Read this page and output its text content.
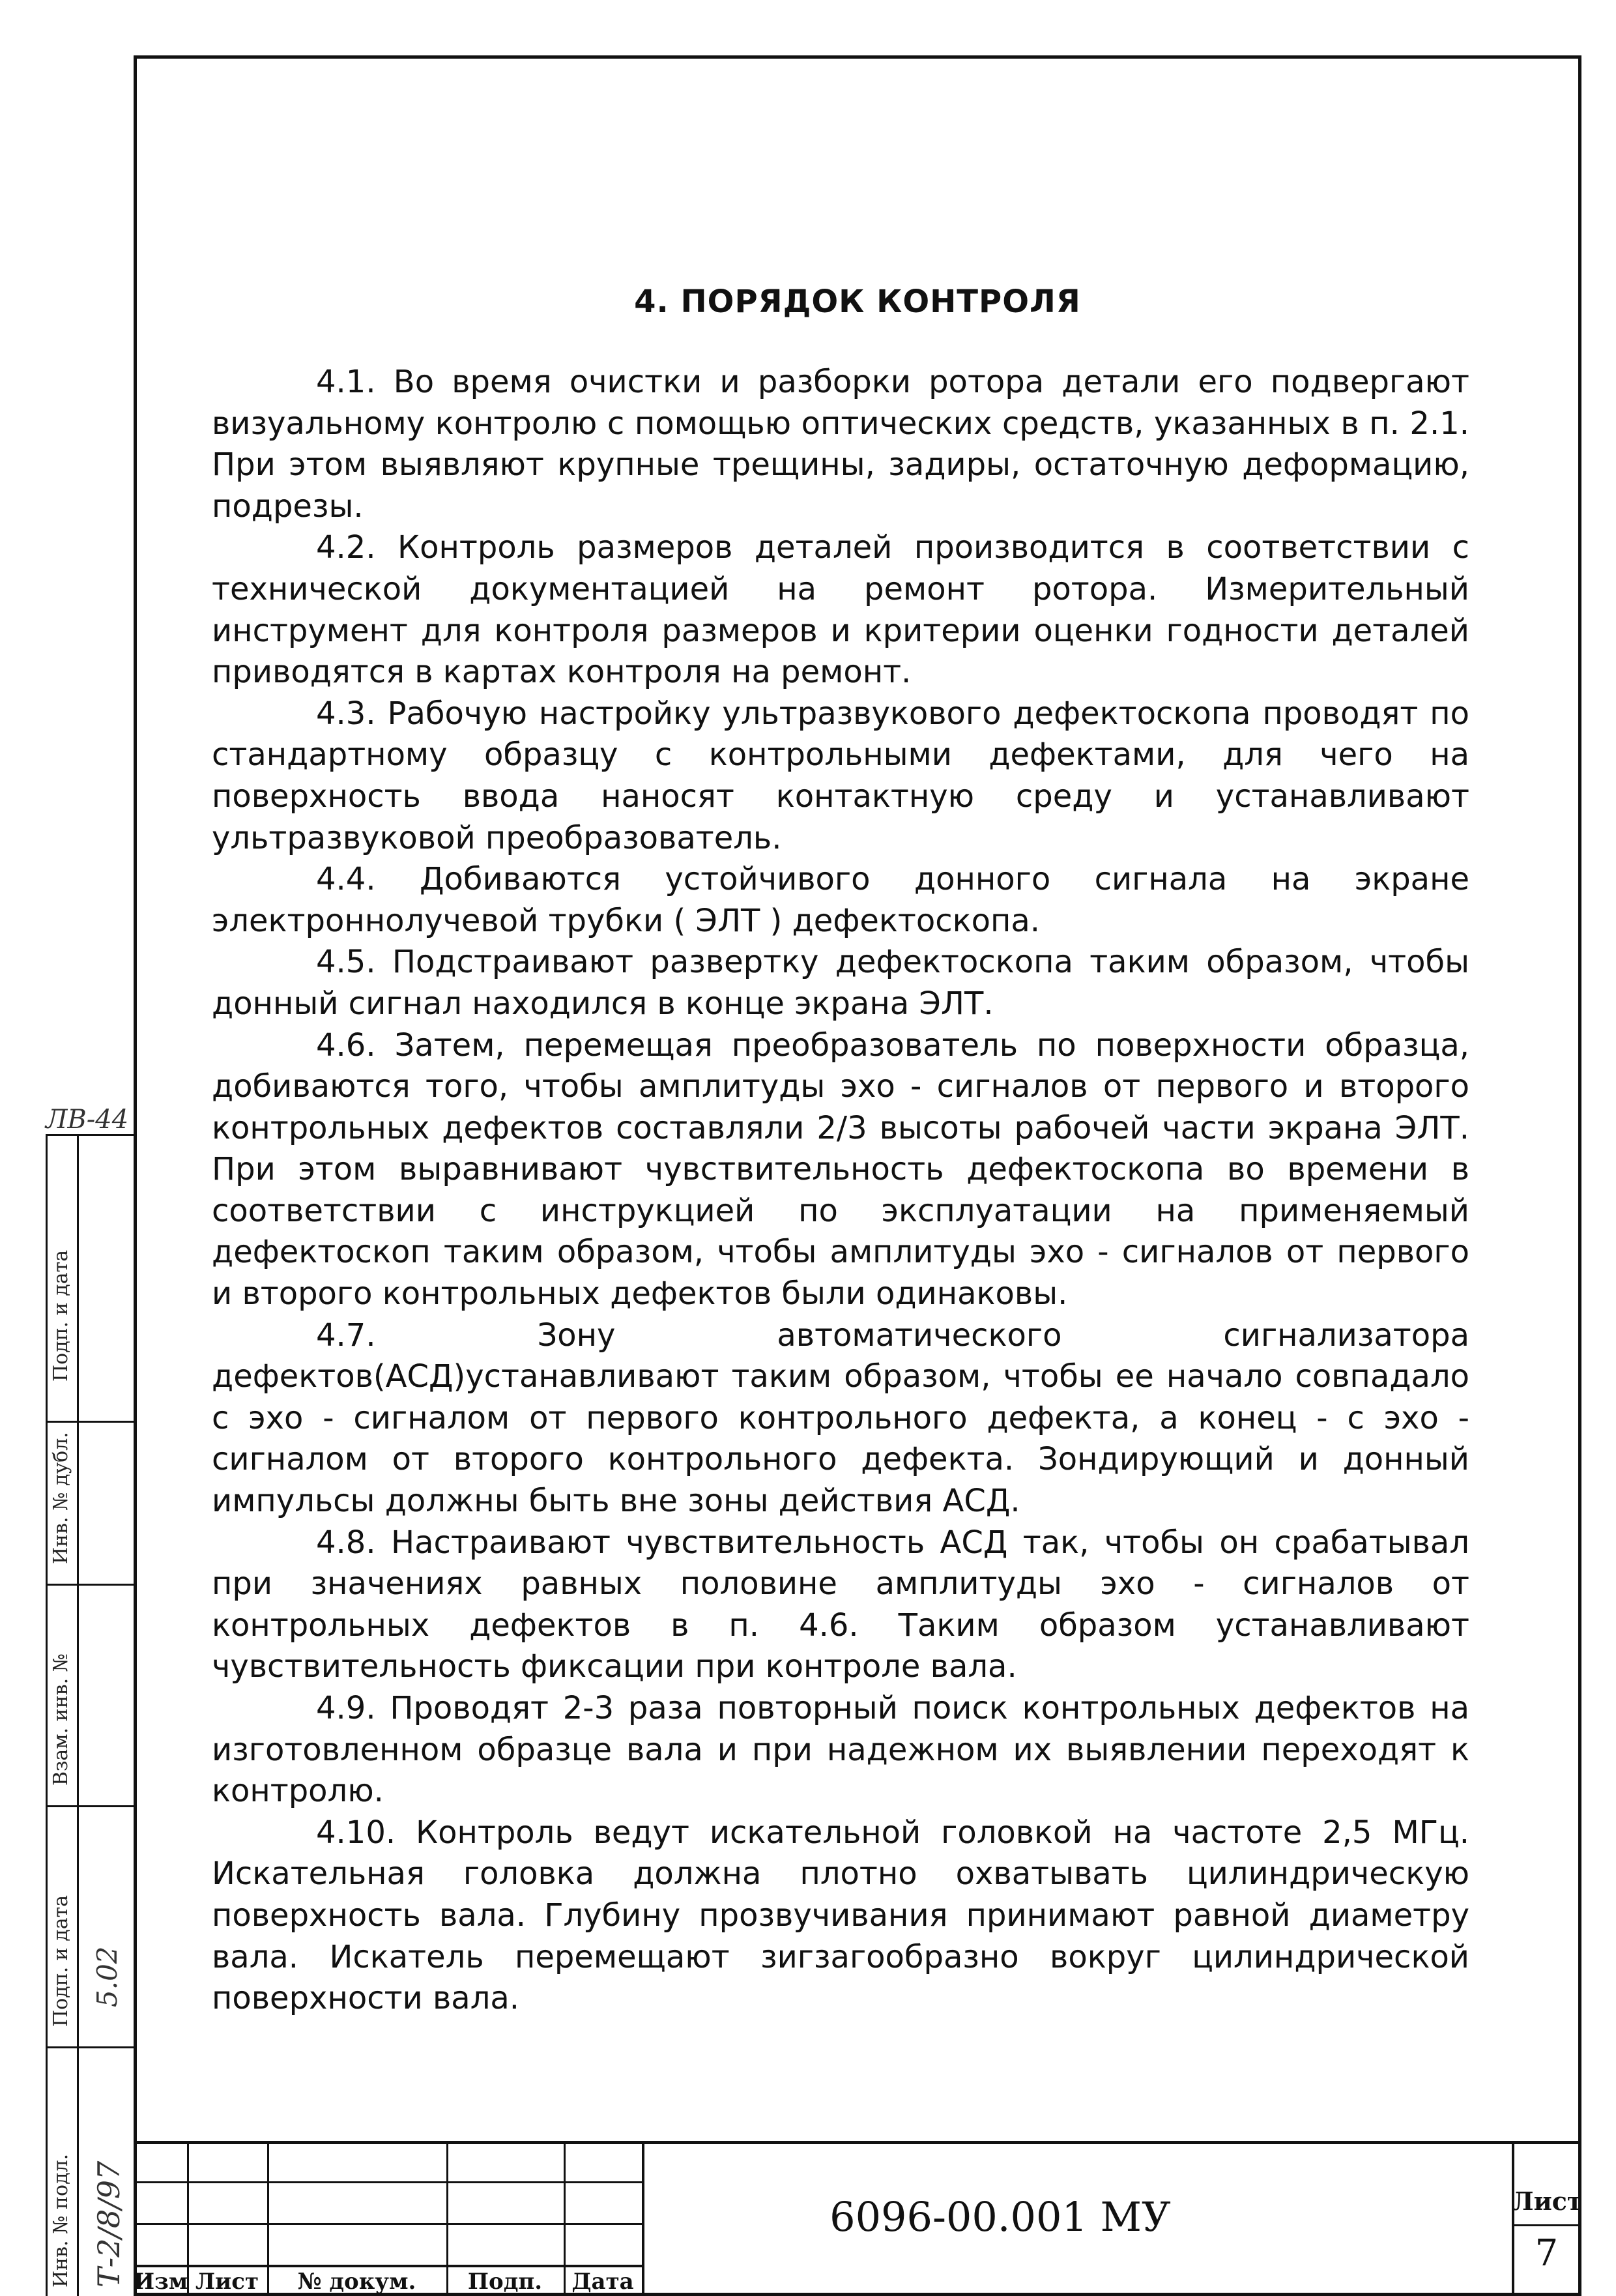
4. ПОРЯДОК КОНТРОЛЯ

4.1. Во время очистки и разборки ротора детали его подвергают визуальному контролю с помощью оптических средств, указанных в п. 2.1. При этом выявляют крупные трещины, задиры, остаточную деформацию, подрезы.

4.2. Контроль размеров деталей производится в соответствии с технической документацией на ремонт ротора. Измерительный инструмент для контроля размеров и критерии оценки годности деталей приводятся в картах контроля на ремонт.

4.3. Рабочую настройку ультразвукового дефектоскопа проводят по стандартному образцу с контрольными дефектами, для чего на поверхность ввода наносят контактную среду и устанавливают ультразвуковой преобразователь.

4.4. Добиваются устойчивого донного сигнала на экране электроннолучевой трубки ( ЭЛТ ) дефектоскопа.

4.5. Подстраивают развертку дефектоскопа таким образом, чтобы донный сигнал находился в конце экрана ЭЛТ.

4.6. Затем, перемещая преобразователь по поверхности образца, добиваются того, чтобы амплитуды эхо - сигналов от первого и второго контрольных дефектов составляли 2/3 высоты рабочей части экрана ЭЛТ. При этом выравнивают чувствительность дефектоскопа во времени в соответствии с инструкцией по эксплуатации на применяемый дефектоскоп таким образом, чтобы амплитуды эхо - сигналов от первого и второго контрольных дефектов были одинаковы.

4.7. Зону автоматического сигнализатора дефектов(АСД)устанавливают таким образом, чтобы ее начало совпадало с эхо - сигналом от первого контрольного дефекта, а конец - с эхо - сигналом от второго контрольного дефекта. Зондирующий и донный импульсы должны быть вне зоны действия АСД.

4.8. Настраивают чувствительность АСД так, чтобы он срабатывал при значениях равных половине амплитуды эхо - сигналов от контрольных дефектов в п. 4.6. Таким образом устанавливают чувствительность фиксации при контроле вала.

4.9. Проводят 2-3 раза повторный поиск контрольных дефектов на изготовленном образце вала и при надежном их выявлении переходят к контролю.

4.10. Контроль ведут искательной головкой на частоте 2,5 МГц. Искательная головка должна плотно охватывать цилиндрическую поверхность вала. Глубину прозвучивания принимают равной диаметру вала. Искатель перемещают зигзагообразно вокруг цилиндрической поверхности вала.

ЛВ-44
Подп. и дата
Инв. № дубл.
Взам. инв. №
Подп. и дата
Инв. № подл.
5.02
Т-2/8/97 Изм Лист	№ докум.	Подп.	Дата
6096-00.001 МУ	Лист
7
